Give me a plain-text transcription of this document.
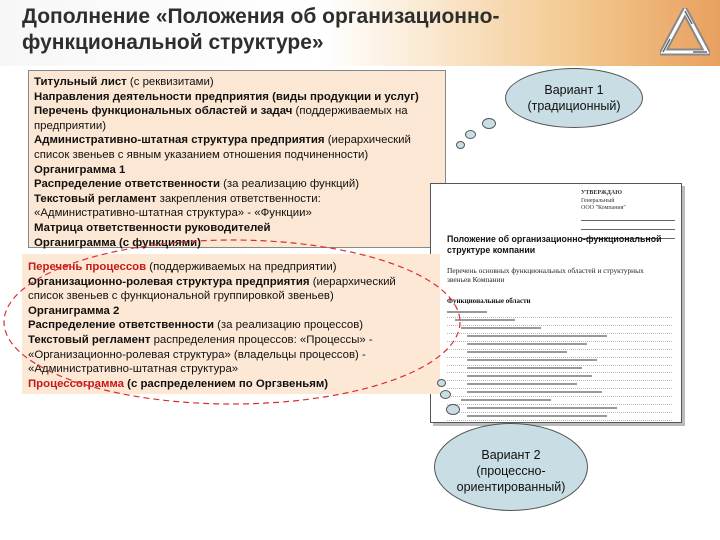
Дополнение «Положения об организационно-
функциональной структуре»
Титульный лист (с реквизитами)
Направления деятельности предприятия (виды продукции и услуг)
Перечень функциональных областей и задач (поддерживаемых на
предприятии)
Административно-штатная структура предприятия (иерархический
список звеньев с явным указанием отношения подчиненности)
Органиграмма 1
Распределение ответственности (за реализацию функций)
Текстовый регламент закрепления ответственности:
«Административно-штатная структура» - «Функции»
Матрица ответственности руководителей
Органиграмма (с функциями)
УТВЕРЖДАЮ
Генеральный
ООО "Компания"
Положение об организационно-функциональной структуре компании
Перечень основных функциональных областей и структурных звеньев Компании
Функциональные области
Перечень процессов (поддерживаемых на предприятии)
Организационно-ролевая структура предприятия (иерархический
список звеньев с функциональной группировкой звеньев)
Органиграмма 2
Распределение ответственности (за реализацию процессов)
Текстовый регламент распределения процессов: «Процессы» -
«Организационно-ролевая структура» (владельцы процессов) -
«Административно-штатная структура»
Процессограмма (с распределением по Оргзвеньям)
Вариант 1
(традиционный)
Вариант 2
(процессно-
ориентированный)
